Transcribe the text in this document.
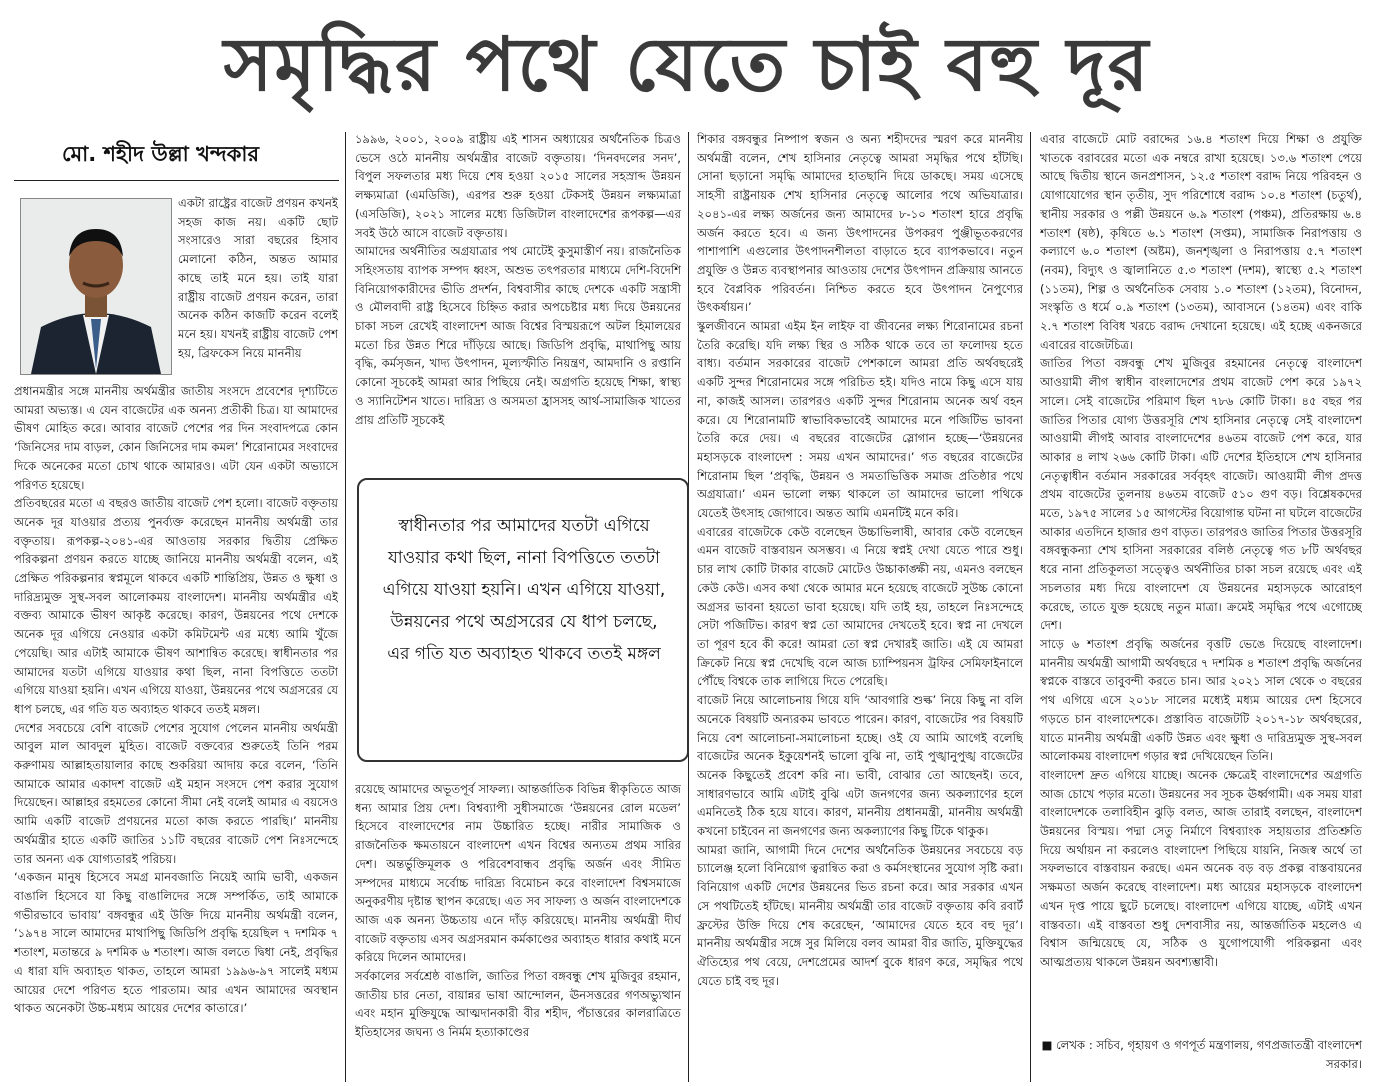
সমৃদ্ধির পথে যেতে চাই বহু দূর
মো. শহীদ উল্লা খন্দকার

একটা রাষ্ট্রের বাজেট প্রণয়ন কখনই সহজ কাজ নয়। একটি ছোট সংসারেও সারা বছরের হিসাব মেলানো কঠিন, অন্তত আমার কাছে তাই মনে হয়। তাই যারা রাষ্ট্রীয় বাজেট প্রণয়ন করেন, তারা অনেক কঠিন কাজটি করেন বলেই মনে হয়। যখনই রাষ্ট্রীয় বাজেট পেশ হয়, ব্রিফকেস নিয়ে মাননীয়

প্রধানমন্ত্রীর সঙ্গে মাননীয় অর্থমন্ত্রীর জাতীয় সংসদে প্রবেশের দৃশ্যটিতে আমরা অভ্যস্ত। এ যেন বাজেটের এক অনন্য প্রতীকী চিত্র। যা আমাদের ভীষণ মোহিত করে। আবার বাজেট পেশের পর দিন সংবাদপত্রে কোন ‘জিনিসের দাম বাড়ল, কোন জিনিসের দাম কমল’ শিরোনামের সংবাদের দিকে অনেকের মতো চোখ থাকে আমারও। এটা যেন একটা অভ্যাসে পরিণত হয়েছে।

প্রতিবছরের মতো এ বছরও জাতীয় বাজেট পেশ হলো। বাজেট বক্তৃতায় অনেক দূর যাওয়ার প্রত্যয় পুনর্ব্যক্ত করেছেন মাননীয় অর্থমন্ত্রী তার বক্তৃতায়। রূপকল্প-২০৪১-এর আওতায় সরকার দ্বিতীয় প্রেক্ষিত পরিকল্পনা প্রণয়ন করতে যাচ্ছে জানিয়ে মাননীয় অর্থমন্ত্রী বলেন, এই প্রেক্ষিত পরিকল্পনার স্বপ্নমূলে থাকবে একটি শান্তিপ্রিয়, উন্নত ও ক্ষুধা ও দারিদ্র্যমুক্ত সুস্থ-সবল আলোকময় বাংলাদেশ। মাননীয় অর্থমন্ত্রীর এই বক্তব্য আমাকে ভীষণ আকৃষ্ট করেছে। কারণ, উন্নয়নের পথে দেশকে অনেক দূর এগিয়ে নেওয়ার একটা কমিটমেন্ট এর মধ্যে আমি খুঁজে পেয়েছি। আর এটাই আমাকে ভীষণ আশান্বিত করেছে। স্বাধীনতার পর আমাদের যতটা এগিয়ে যাওয়ার কথা ছিল, নানা বিপত্তিতে ততটা এগিয়ে যাওয়া হয়নি। এখন এগিয়ে যাওয়া, উন্নয়নের পথে অগ্রসরের যে ধাপ চলছে, এর গতি যত অব্যাহত থাকবে ততই মঙ্গল।

দেশের সবচেয়ে বেশি বাজেট পেশের সুযোগ পেলেন মাননীয় অর্থমন্ত্রী আবুল মাল আবদুল মুহিত। বাজেট বক্তব্যের শুরুতেই তিনি পরম করুণাময় আল্লাহতায়ালার কাছে শুকরিয়া আদায় করে বলেন, ‘তিনি আমাকে আমার একাদশ বাজেট এই মহান সংসদে পেশ করার সুযোগ দিয়েছেন। আল্লাহর রহমতের কোনো সীমা নেই বলেই আমার এ বয়সেও আমি একটি বাজেট প্রণয়নের মতো কাজ করতে পারছি।’ মাননীয় অর্থমন্ত্রীর হাতে একটি জাতির ১১টি বছরের বাজেট পেশ নিঃসন্দেহে তার অনন্য এক যোগ্যতারই পরিচয়।

‘একজন মানুষ হিসেবে সমগ্র মানবজাতি নিয়েই আমি ভাবী, একজন বাঙালি হিসেবে যা কিছু বাঙালিদের সঙ্গে সম্পর্কিত, তাই আমাকে গভীরভাবে ভাবায়’ বঙ্গবন্ধুর এই উক্তি দিয়ে মাননীয় অর্থমন্ত্রী বলেন, ‘১৯৭৪ সালে আমাদের মাথাপিছু জিডিপি প্রবৃদ্ধি হয়েছিল ৭ দশমিক ৭ শতাংশ, মতান্তরে ৯ দশমিক ৬ শতাংশ। আজ বলতে দ্বিধা নেই, প্রবৃদ্ধির এ ধারা যদি অব্যাহত থাকত, তাহলে আমরা ১৯৯৬-৯৭ সালেই মধ্যম আয়ের দেশে পরিণত হতে পারতাম। আর এখন আমাদের অবস্থান থাকত অনেকটা উচ্চ-মধ্যম আয়ের দেশের কাতারে।’

১৯৯৬, ২০০১, ২০০৯ রাষ্ট্রীয় এই শাসন অধ্যায়ের অর্থনৈতিক চিত্রও ভেসে ওঠে মাননীয় অর্থমন্ত্রীর বাজেট বক্তৃতায়। ‘দিনবদলের সনদ’, বিপুল সফলতার মধ্য দিয়ে শেষ হওয়া ২০১৫ সালের সহস্রাব্দ উন্নয়ন লক্ষ্যমাত্রা (এমডিজি), এরপর শুরু হওয়া টেকসই উন্নয়ন লক্ষ্যমাত্রা (এসডিজি), ২০২১ সালের মধ্যে ডিজিটাল বাংলাদেশের রূপকল্প—এর সবই উঠে আসে বাজেট বক্তৃতায়।

আমাদের অর্থনীতির অগ্রযাত্রার পথ মোটেই কুসুমাস্তীর্ণ নয়। রাজনৈতিক সহিংসতায় ব্যাপক সম্পদ ধ্বংস, অশুভ তৎপরতার মাধ্যমে দেশি-বিদেশি বিনিয়োগকারীদের ভীতি প্রদর্শন, বিশ্ববাসীর কাছে দেশকে একটি সন্ত্রাসী ও মৌলবাদী রাষ্ট্র হিসেবে চিহ্নিত করার অপচেষ্টার মধ্য দিয়ে উন্নয়নের চাকা সচল রেখেই বাংলাদেশ আজ বিশ্বের বিস্ময়রূপে অটল হিমালয়ের মতো চির উন্নত শিরে দাঁড়িয়ে আছে। জিডিপি প্রবৃদ্ধি, মাথাপিছু আয় বৃদ্ধি, কর্মসৃজন, খাদ্য উৎপাদন, মূল্যস্ফীতি নিয়ন্ত্রণ, আমদানি ও রপ্তানি কোনো সূচকেই আমরা আর পিছিয়ে নেই। অগ্রগতি হয়েছে শিক্ষা, স্বাস্থ্য ও স্যানিটেশন খাতে। দারিদ্র্য ও অসমতা হ্রাসসহ আর্থ-সামাজিক খাতের প্রায় প্রতিটি সূচকেই

স্বাধীনতার পর আমাদের যতটা এগিয়ে যাওয়ার কথা ছিল, নানা বিপত্তিতে ততটা এগিয়ে যাওয়া হয়নি। এখন এগিয়ে যাওয়া, উন্নয়নের পথে অগ্রসরের যে ধাপ চলছে, এর গতি যত অব্যাহত থাকবে ততই মঙ্গল

রয়েছে আমাদের অভূতপূর্ব সাফল্য। আন্তর্জাতিক বিভিন্ন স্বীকৃতিতে আজ ধন্য আমার প্রিয় দেশ। বিশ্বব্যাপী সুধীসমাজে ‘উন্নয়নের রোল মডেল’ হিসেবে বাংলাদেশের নাম উচ্চারিত হচ্ছে। নারীর সামাজিক ও রাজনৈতিক ক্ষমতায়নে বাংলাদেশ এখন বিশ্বের অন্যতম প্রথম সারির দেশ। অন্তর্ভুক্তিমূলক ও পরিবেশবান্ধব প্রবৃদ্ধি অর্জন এবং সীমিত সম্পদের মাধ্যমে সর্বোচ্চ দারিদ্র্য বিমোচন করে বাংলাদেশ বিশ্বসমাজে অনুকরণীয় দৃষ্টান্ত স্থাপন করেছে। এত সব সাফল্য ও অর্জন বাংলাদেশকে আজ এক অনন্য উচ্চতায় এনে দাঁড় করিয়েছে। মাননীয় অর্থমন্ত্রী দীর্ঘ বাজেট বক্তৃতায় এসব অগ্রসরমান কর্মকাণ্ডের অব্যাহত ধারার কথাই মনে করিয়ে দিলেন আমাদের।

সর্বকালের সর্বশ্রেষ্ঠ বাঙালি, জাতির পিতা বঙ্গবন্ধু শেখ মুজিবুর রহমান, জাতীয় চার নেতা, বায়ান্নর ভাষা আন্দোলন, ঊনসত্তরের গণঅভ্যুত্থান এবং মহান মুক্তিযুদ্ধে আত্মদানকারী বীর শহীদ, পঁচাত্তরের কালরাত্রিতে ইতিহাসের জঘন্য ও নির্মম হত্যাকাণ্ডের

শিকার বঙ্গবন্ধুর নিষ্পাপ স্বজন ও অন্য শহীদদের স্মরণ করে মাননীয় অর্থমন্ত্রী বলেন, শেখ হাসিনার নেতৃত্বে আমরা সমৃদ্ধির পথে হাঁটছি। সোনা ছড়ানো সমৃদ্ধি আমাদের হাতছানি দিয়ে ডাকছে। সময় এসেছে সাহসী রাষ্ট্রনায়ক শেখ হাসিনার নেতৃত্বে আলোর পথে অভিযাত্রার। ২০৪১-এর লক্ষ্য অর্জনের জন্য আমাদের ৮-১০ শতাংশ হারে প্রবৃদ্ধি অর্জন করতে হবে। এ জন্য উৎপাদনের উপকরণ পুঞ্জীভূতকরণের পাশাপাশি এগুলোর উৎপাদনশীলতা বাড়াতে হবে ব্যাপকভাবে। নতুন প্রযুক্তি ও উন্নত ব্যবস্থাপনার আওতায় দেশের উৎপাদন প্রক্রিয়ায় আনতে হবে বৈপ্লবিক পরিবর্তন। নিশ্চিত করতে হবে উৎপাদন নৈপুণ্যের উৎকর্ষায়ন।’

স্কুলজীবনে আমরা এইম ইন লাইফ বা জীবনের লক্ষ্য শিরোনামের রচনা তৈরি করেছি। যদি লক্ষ্য স্থির ও সঠিক থাকে তবে তা ফলোদয় হতে বাধ্য। বর্তমান সরকারের বাজেট পেশকালে আমরা প্রতি অর্থবছরেই একটি সুন্দর শিরোনামের সঙ্গে পরিচিত হই। যদিও নামে কিছু এসে যায় না, কাজই আসল। তারপরও একটি সুন্দর শিরোনাম অনেক অর্থ বহন করে। যে শিরোনামটি স্বাভাবিকভাবেই আমাদের মনে পজিটিভ ভাবনা তৈরি করে দেয়। এ বছরের বাজেটের স্লোগান হচ্ছে—‘উন্নয়নের মহাসড়কে বাংলাদেশ : সময় এখন আমাদের।’ গত বছরের বাজেটের শিরোনাম ছিল ‘প্রবৃদ্ধি, উন্নয়ন ও সমতাভিত্তিক সমাজ প্রতিষ্ঠার পথে অগ্রযাত্রা।’ এমন ভালো লক্ষ্য থাকলে তা আমাদের ভালো পথিকে যেতেই উৎসাহ জোগাবে। অন্তত আমি এমনটিই মনে করি।

এবারের বাজেটকে কেউ বলেছেন উচ্চাভিলাষী, আবার কেউ বলেছেন এমন বাজেট বাস্তবায়ন অসম্ভব। এ নিয়ে স্বপ্নই দেখা যেতে পারে শুধু। চার লাখ কোটি টাকার বাজেট মোটেও উচ্চাকাঙ্ক্ষী নয়, এমনও বলছেন কেউ কেউ। এসব কথা থেকে আমার মনে হয়েছে বাজেটে সুউচ্চ কোনো অগ্রসর ভাবনা হয়তো ভাবা হয়েছে। যদি তাই হয়, তাহলে নিঃসন্দেহে সেটা পজিটিভ। কারণ স্বপ্ন তো আমাদের দেখতেই হবে। স্বপ্ন না দেখলে তা পূরণ হবে কী করে! আমরা তো স্বপ্ন দেখারই জাতি। এই যে আমরা ক্রিকেট নিয়ে স্বপ্ন দেখেছি বলে আজ চ্যাম্পিয়নস ট্রফির সেমিফাইনালে পৌঁছে বিশ্বকে তাক লাগিয়ে দিতে পেরেছি।

বাজেট নিয়ে আলোচনায় গিয়ে যদি ‘আবগারি শুল্ক’ নিয়ে কিছু না বলি অনেকে বিষয়টি অন্যরকম ভাবতে পারেন। কারণ, বাজেটের পর বিষয়টি নিয়ে বেশ আলোচনা-সমালোচনা হচ্ছে। ওই যে আমি আগেই বলেছি বাজেটের অনেক ইকুয়েশনই ভালো বুঝি না, তাই পুঙ্খানুপুঙ্খ বাজেটের অনেক কিছুতেই প্রবেশ করি না। ভাবী, বোঝার তো আছেনই। তবে, সাধারণভাবে আমি এটাই বুঝি এটা জনগণের জন্য অকল্যাণের হলে এমনিতেই ঠিক হয়ে যাবে। কারণ, মাননীয় প্রধানমন্ত্রী, মাননীয় অর্থমন্ত্রী কখনো চাইবেন না জনগণের জন্য অকল্যাণের কিছু টিকে থাকুক।

আমরা জানি, আগামী দিনে দেশের অর্থনৈতিক উন্নয়নের সবচেয়ে বড় চ্যালেঞ্জ হলো বিনিয়োগ ত্বরান্বিত করা ও কর্মসংস্থানের সুযোগ সৃষ্টি করা। বিনিয়োগ একটি দেশের উন্নয়নের ভিত রচনা করে। আর সরকার এখন সে পথটিতেই হাঁটছে। মাননীয় অর্থমন্ত্রী তার বাজেট বক্তৃতায় কবি রবার্ট ফ্রস্টের উক্তি দিয়ে শেষ করেছেন, ‘আমাদের যেতে হবে বহু দূর’। মাননীয় অর্থমন্ত্রীর সঙ্গে সুর মিলিয়ে বলব আমরা বীর জাতি, মুক্তিযুদ্ধের ঐতিহ্যের পথ বেয়ে, দেশপ্রেমের আদর্শ বুকে ধারণ করে, সমৃদ্ধির পথে যেতে চাই বহু দূর।

এবার বাজেটে মোট বরাদ্দের ১৬.৪ শতাংশ দিয়ে শিক্ষা ও প্রযুক্তি খাতকে বরাবরের মতো এক নম্বরে রাখা হয়েছে। ১৩.৬ শতাংশ পেয়ে আছে দ্বিতীয় স্থানে জনপ্রশাসন, ১২.৫ শতাংশ বরাদ্দ নিয়ে পরিবহন ও যোগাযোগের স্থান তৃতীয়, সুদ পরিশোধে বরাদ্দ ১০.৪ শতাংশ (চতুর্থ), স্থানীয় সরকার ও পল্লী উন্নয়নে ৬.৯ শতাংশ (পঞ্চম), প্রতিরক্ষায় ৬.৪ শতাংশ (ষষ্ঠ), কৃষিতে ৬.১ শতাংশ (সপ্তম), সামাজিক নিরাপত্তায় ও কল্যাণে ৬.০ শতাংশ (অষ্টম), জনশৃঙ্খলা ও নিরাপত্তায় ৫.৭ শতাংশ (নবম), বিদ্যুৎ ও জ্বালানিতে ৫.৩ শতাংশ (দশম), স্বাস্থ্যে ৫.২ শতাংশ (১১তম), শিল্প ও অর্থনৈতিক সেবায় ১.০ শতাংশ (১২তম), বিনোদন, সংস্কৃতি ও ধর্মে ০.৯ শতাংশ (১৩তম), আবাসনে (১৪তম) এবং বাকি ২.৭ শতাংশ বিবিধ খরচে বরাদ্দ দেখানো হয়েছে। এই হচ্ছে একনজরে এবারের বাজেটচিত্র।

জাতির পিতা বঙ্গবন্ধু শেখ মুজিবুর রহমানের নেতৃত্বে বাংলাদেশ আওয়ামী লীগ স্বাধীন বাংলাদেশের প্রথম বাজেট পেশ করে ১৯৭২ সালে। সেই বাজেটের পরিমাণ ছিল ৭৮৬ কোটি টাকা। ৪৫ বছর পর জাতির পিতার যোগ্য উত্তরসূরি শেখ হাসিনার নেতৃত্বে সেই বাংলাদেশ আওয়ামী লীগই আবার বাংলাদেশের ৪৬তম বাজেট পেশ করে, যার আকার ৪ লাখ ২৬৬ কোটি টাকা। এটি দেশের ইতিহাসে শেখ হাসিনার নেতৃত্বাধীন বর্তমান সরকারের সর্ববৃহৎ বাজেট। আওয়ামী লীগ প্রদত্ত প্রথম বাজেটের তুলনায় ৪৬তম বাজেট ৫১০ গুণ বড়। বিশ্লেষকদের মতে, ১৯৭৫ সালের ১৫ আগস্টের বিয়োগান্ত ঘটনা না ঘটলে বাজেটের আকার এতদিনে হাজার গুণ বাড়ত। তারপরও জাতির পিতার উত্তরসূরি বঙ্গবন্ধুকন্যা শেখ হাসিনা সরকারের বলিষ্ঠ নেতৃত্বে গত ৮টি অর্থবছর ধরে নানা প্রতিকূলতা সত্ত্বেও অর্থনীতির চাকা সচল রয়েছে এবং এই সচলতার মধ্য দিয়ে বাংলাদেশ যে উন্নয়নের মহাসড়কে আরোহণ করেছে, তাতে যুক্ত হয়েছে নতুন মাত্রা। ক্রমেই সমৃদ্ধির পথে এগোচ্ছে দেশ।

সাড়ে ৬ শতাংশ প্রবৃদ্ধি অর্জনের বৃত্তটি ভেঙে দিয়েছে বাংলাদেশ। মাননীয় অর্থমন্ত্রী আগামী অর্থবছরে ৭ দশমিক ৪ শতাংশ প্রবৃদ্ধি অর্জনের স্বপ্নকে বাস্তবে তাবুবন্দী করতে চান। আর ২০২১ সাল থেকে ৩ বছরের পথ এগিয়ে এসে ২০১৮ সালের মধ্যেই মধ্যম আয়ের দেশ হিসেবে গড়তে চান বাংলাদেশকে। প্রস্তাবিত বাজেটটি ২০১৭-১৮ অর্থবছরের, যাতে মাননীয় অর্থমন্ত্রী একটি উন্নত এবং ক্ষুধা ও দারিদ্র্যমুক্ত সুস্থ-সবল আলোকময় বাংলাদেশ গড়ার স্বপ্ন দেখিয়েছেন তিনি।

বাংলাদেশ দ্রুত এগিয়ে যাচ্ছে। অনেক ক্ষেত্রেই বাংলাদেশের অগ্রগতি আজ চোখে পড়ার মতো। উন্নয়নের সব সূচক ঊর্ধ্বগামী। এক সময় যারা বাংলাদেশকে তলাবিহীন ঝুড়ি বলত, আজ তারাই বলছেন, বাংলাদেশ উন্নয়নের বিস্ময়। পদ্মা সেতু নির্মাণে বিশ্বব্যাংক সহায়তার প্রতিশ্রুতি দিয়ে অর্থায়ন না করলেও বাংলাদেশ পিছিয়ে যায়নি, নিজস্ব অর্থে তা সফলভাবে বাস্তবায়ন করছে। এমন অনেক বড় বড় প্রকল্প বাস্তবায়নের সক্ষমতা অর্জন করেছে বাংলাদেশ। মধ্য আয়ের মহাসড়কে বাংলাদেশ এখন দৃপ্ত পায়ে ছুটে চলেছে। বাংলাদেশ এগিয়ে যাচ্ছে, এটাই এখন বাস্তবতা। এই বাস্তবতা শুধু দেশবাসীর নয়, আন্তর্জাতিক মহলেও এ বিশ্বাস জন্মিয়েছে যে, সঠিক ও যুগোপযোগী পরিকল্পনা এবং আত্মপ্রত্যয় থাকলে উন্নয়ন অবশ্যম্ভাবী।

■ লেখক : সচিব, গৃহায়ণ ও গণপূর্ত মন্ত্রণালয়, গণপ্রজাতন্ত্রী বাংলাদেশ সরকার।
